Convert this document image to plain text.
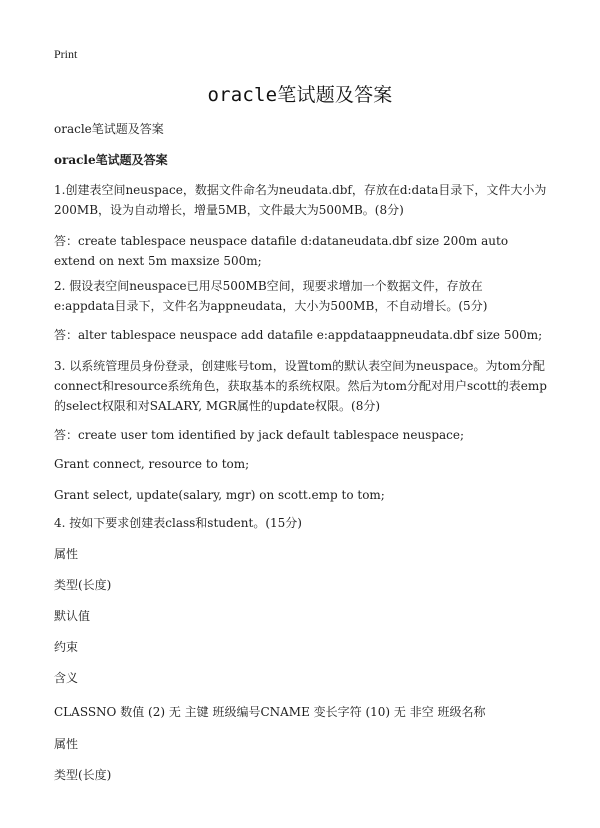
Print
oracle笔试题及答案
oracle笔试题及答案
oracle笔试题及答案
1.创建表空间neuspace，数据文件命名为neudata.dbf，存放在d:data目录下，文件大小为200MB，设为自动增长，增量5MB，文件最大为500MB。(8分)
答：create tablespace neuspace datafile d:dataneudata.dbf size 200m auto extend on next 5m maxsize 500m;
2. 假设表空间neuspace已用尽500MB空间，现要求增加一个数据文件，存放在e:appdata目录下，文件名为appneudata，大小为500MB，不自动增长。(5分)
答：alter tablespace neuspace add datafile e:appdataappneudata.dbf size 500m;
3. 以系统管理员身份登录，创建账号tom，设置tom的默认表空间为neuspace。为tom分配connect和resource系统角色，获取基本的系统权限。然后为tom分配对用户scott的表emp的select权限和对SALARY, MGR属性的update权限。(8分)
答：create user tom identified by jack default tablespace neuspace;
Grant connect, resource to tom;
Grant select, update(salary, mgr) on scott.emp to tom;
4. 按如下要求创建表class和student。(15分)
属性
类型(长度)
默认值
约束
含义
CLASSNO 数值 (2) 无 主键 班级编号CNAME 变长字符 (10) 无 非空 班级名称
属性
类型(长度)
